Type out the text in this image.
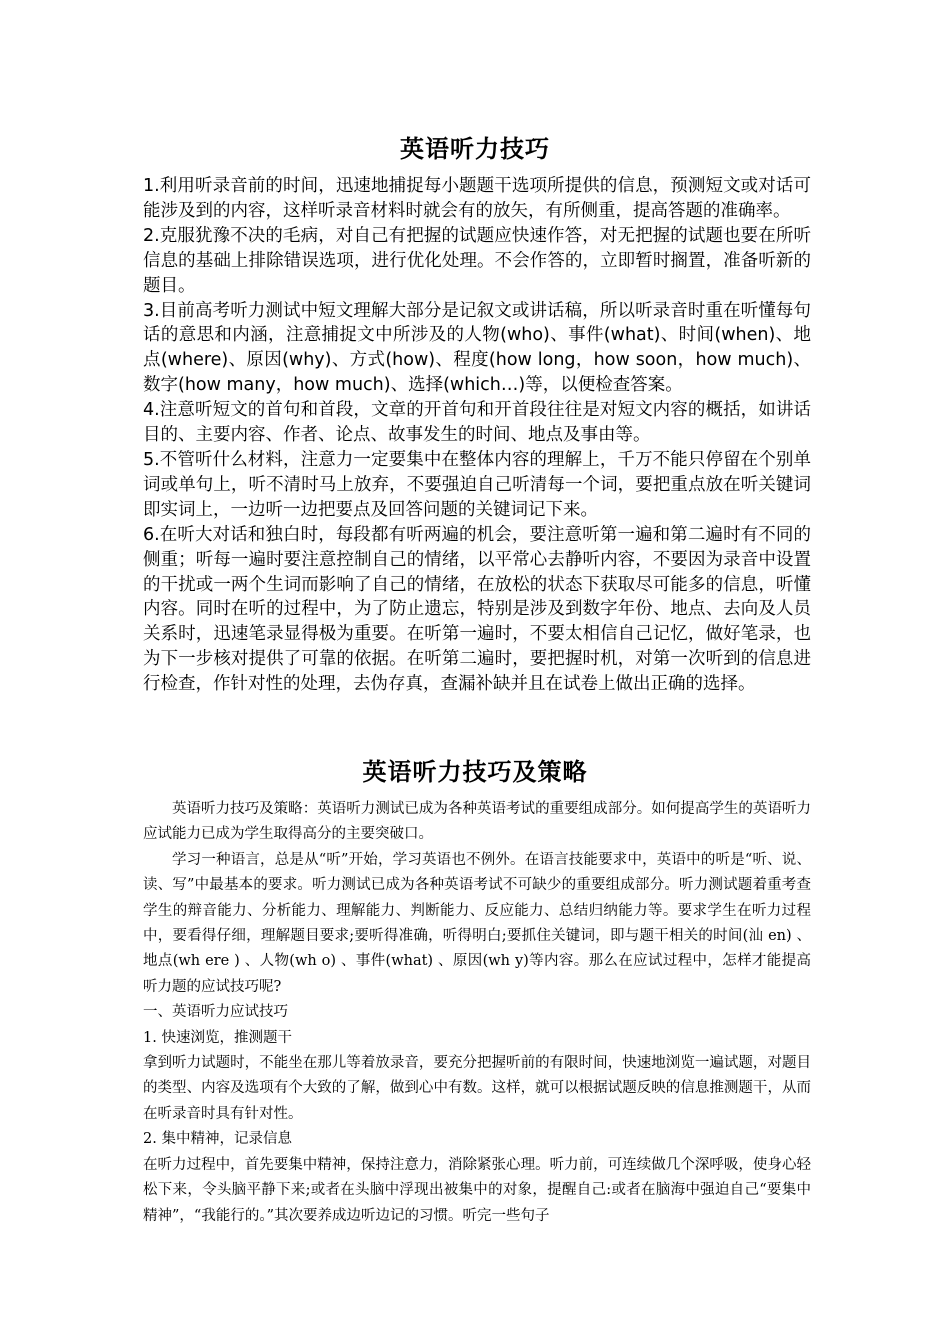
英语听力技巧

1.利用听录音前的时间，迅速地捕捉每小题题干选项所提供的信息，预测短文或对话可能涉及到的内容，这样听录音材料时就会有的放矢，有所侧重，提高答题的准确率。

2.克服犹豫不决的毛病，对自己有把握的试题应快速作答，对无把握的试题也要在所听信息的基础上排除错误选项，进行优化处理。不会作答的，立即暂时搁置，准备听新的题目。

3.目前高考听力测试中短文理解大部分是记叙文或讲话稿，所以听录音时重在听懂每句话的意思和内涵，注意捕捉文中所涉及的人物(who)、事件(what)、时间(when)、地点(where)、原因(why)、方式(how)、程度(how long，how soon，how much)、数字(how many，how much)、选择(which…)等，以便检查答案。

4.注意听短文的首句和首段，文章的开首句和开首段往往是对短文内容的概括，如讲话目的、主要内容、作者、论点、故事发生的时间、地点及事由等。

5.不管听什么材料，注意力一定要集中在整体内容的理解上，千万不能只停留在个别单词或单句上，听不清时马上放弃，不要强迫自己听清每一个词，要把重点放在听关键词即实词上，一边听一边把要点及回答问题的关键词记下来。

6.在听大对话和独白时，每段都有听两遍的机会，要注意听第一遍和第二遍时有不同的侧重；听每一遍时要注意控制自己的情绪，以平常心去静听内容，不要因为录音中设置的干扰或一两个生词而影响了自己的情绪，在放松的状态下获取尽可能多的信息，听懂内容。同时在听的过程中，为了防止遗忘，特别是涉及到数字年份、地点、去向及人员关系时，迅速笔录显得极为重要。在听第一遍时，不要太相信自己记忆，做好笔录，也为下一步核对提供了可靠的依据。在听第二遍时，要把握时机，对第一次听到的信息进行检查，作针对性的处理，去伪存真，查漏补缺并且在试卷上做出正确的选择。

英语听力技巧及策略

英语听力技巧及策略：英语听力测试已成为各种英语考试的重要组成部分。如何提高学生的英语听力应试能力已成为学生取得高分的主要突破口。

学习一种语言，总是从“听”开始，学习英语也不例外。在语言技能要求中，英语中的听是“听、说、读、写”中最基本的要求。听力测试已成为各种英语考试不可缺少的重要组成部分。听力测试题着重考查学生的辩音能力、分析能力、理解能力、判断能力、反应能力、总结归纳能力等。要求学生在听力过程中，要看得仔细，理解题目要求;要听得准确，听得明白;要抓住关键词，即与题干相关的时间(汕 en) 、地点(wh ere ) 、人物(wh o) 、事件(what) 、原因(wh y)等内容。那么在应试过程中，怎样才能提高听力题的应试技巧呢?

一、英语听力应试技巧

1. 快速浏览，推测题干

拿到听力试题时，不能坐在那儿等着放录音，要充分把握听前的有限时间，快速地浏览一遍试题，对题目的类型、内容及选项有个大致的了解，做到心中有数。这样，就可以根据试题反映的信息推测题干，从而在听录音时具有针对性。

2. 集中精神，记录信息

在听力过程中，首先要集中精神，保持注意力，消除紧张心理。听力前，可连续做几个深呼吸，使身心轻松下来，令头脑平静下来;或者在头脑中浮现出被集中的对象，提醒自己:或者在脑海中强迫自己“要集中精神”，“我能行的。”其次要养成边听边记的习惯。听完一些句子
